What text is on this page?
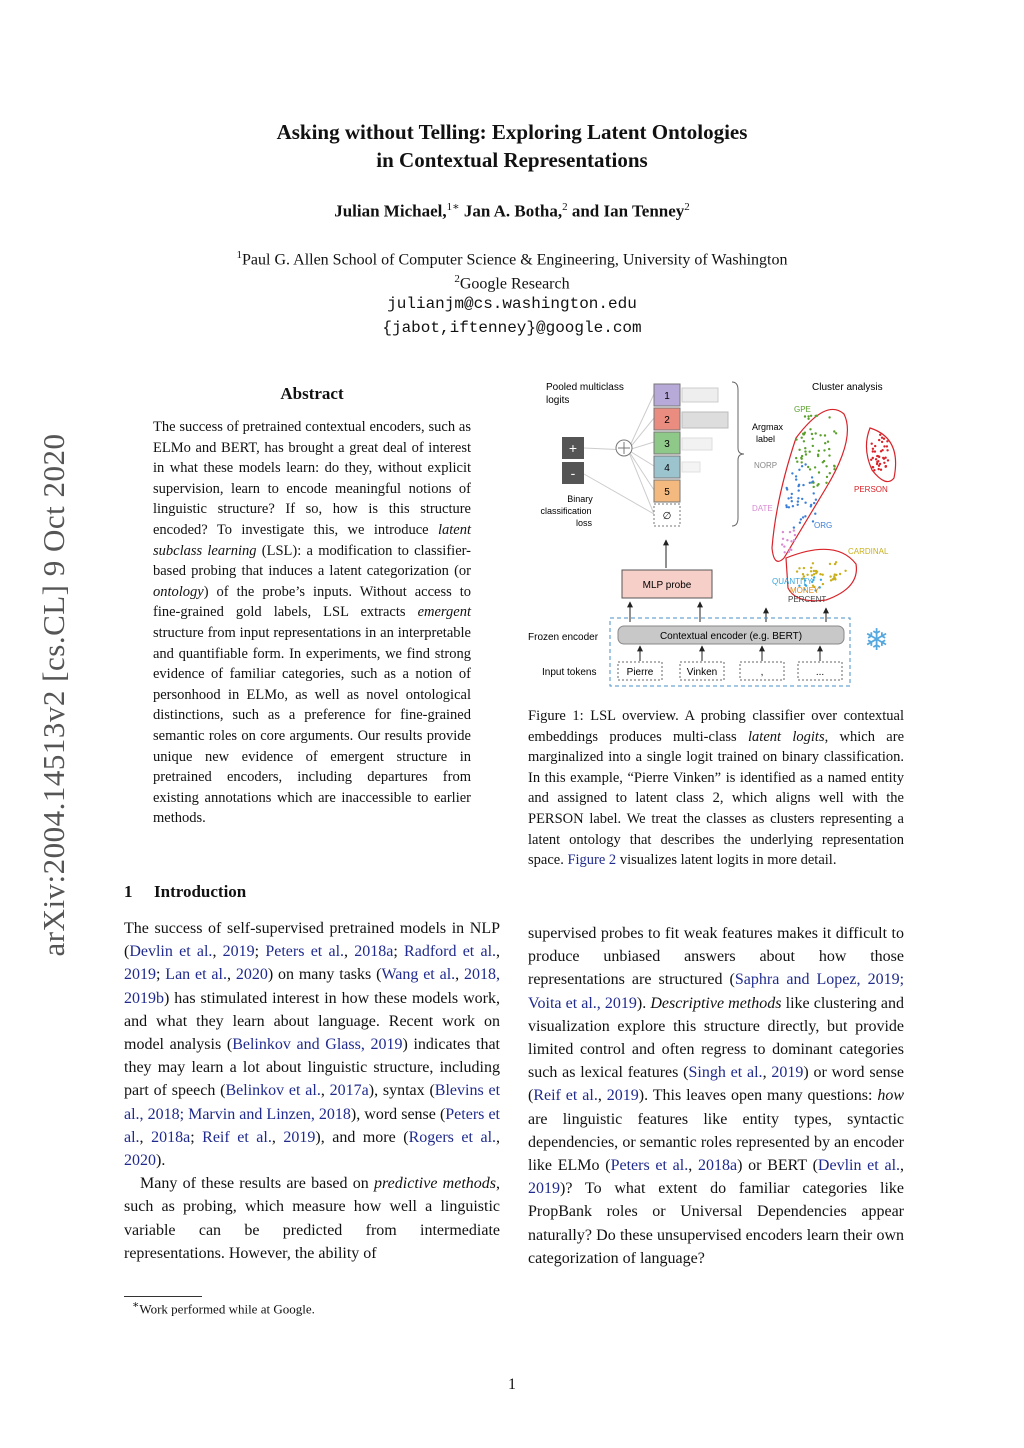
Asking without Telling: Exploring Latent Ontologies
in Contextual Representations
Julian Michael,$^{1∗}$ Jan A. Botha,$^2$ and Ian Tenney$^2$
$^1$Paul G. Allen School of Computer Science & Engineering, University of Washington
$^2$Google Research
julianjm@cs.washington.edu
{jabot,iftenney}@google.com
arXiv:2004.14513v2 [cs.CL] 9 Oct 2020
Abstract
The success of pretrained contextual encoders, such as ELMo and BERT, has brought a great deal of interest in what these models learn: do they, without explicit supervision, learn to encode meaningful notions of linguistic structure? If so, how is this structure encoded? To investigate this, we introduce latent subclass learning (LSL): a modification to classifier-based probing that induces a latent categorization (or ontology) of the probe’s inputs. Without access to fine-grained gold labels, LSL extracts emergent structure from input representations in an interpretable and quantifiable form. In experiments, we find strong evidence of familiar categories, such as a notion of personhood in ELMo, as well as novel ontological distinctions, such as a preference for fine-grained semantic roles on core arguments. Our results provide unique new evidence of emergent structure in pretrained encoders, including departures from existing annotations which are inaccessible to earlier methods.
1 Introduction

The success of self-supervised pretrained models in NLP (Devlin et al., 2019; Peters et al., 2018a; Radford et al., 2019; Lan et al., 2020) on many tasks (Wang et al., 2018, 2019b) has stimulated interest in how these models work, and what they learn about language. Recent work on model analysis (Belinkov and Glass, 2019) indicates that they may learn a lot about linguistic structure, including part of speech (Belinkov et al., 2017a), syntax (Blevins et al., 2018; Marvin and Linzen, 2018), word sense (Peters et al., 2018a; Reif et al., 2019), and more (Rogers et al., 2020).

Many of these results are based on predictive methods, such as probing, which measure how well a linguistic variable can be predicted from intermediate representations. However, the ability of

∗Work performed while at Google.
Pooled multiclass
logits
Cluster analysis
+
-
Binary
classification
loss
1
2
3
4
5
∅
Argmax
label
GPE
NORP
DATE
ORG
PERSON
CARDINAL
QUANTITY
MONEY
PERCENT
MLP probe
Frozen encoder	Contextual encoder (e.g. BERT) ❄
Input tokens	Pierre	Vinken	,	...
Figure 1: LSL overview. A probing classifier over contextual embeddings produces multi-class latent logits, which are marginalized into a single logit trained on binary classification. In this example, “Pierre Vinken” is identified as a named entity and assigned to latent class 2, which aligns well with the PERSON label. We treat the classes as clusters representing a latent ontology that describes the underlying representation space. Figure 2 visualizes latent logits in more detail.

supervised probes to fit weak features makes it difficult to produce unbiased answers about how those representations are structured (Saphra and Lopez, 2019; Voita et al., 2019). Descriptive methods like clustering and visualization explore this structure directly, but provide limited control and often regress to dominant categories such as lexical features (Singh et al., 2019) or word sense (Reif et al., 2019). This leaves open many questions: how are linguistic features like entity types, syntactic dependencies, or semantic roles represented by an encoder like ELMo (Peters et al., 2018a) or BERT (Devlin et al., 2019)? To what extent do familiar categories like PropBank roles or Universal Dependencies appear naturally? Do these unsupervised encoders learn their own categorization of language?

1
